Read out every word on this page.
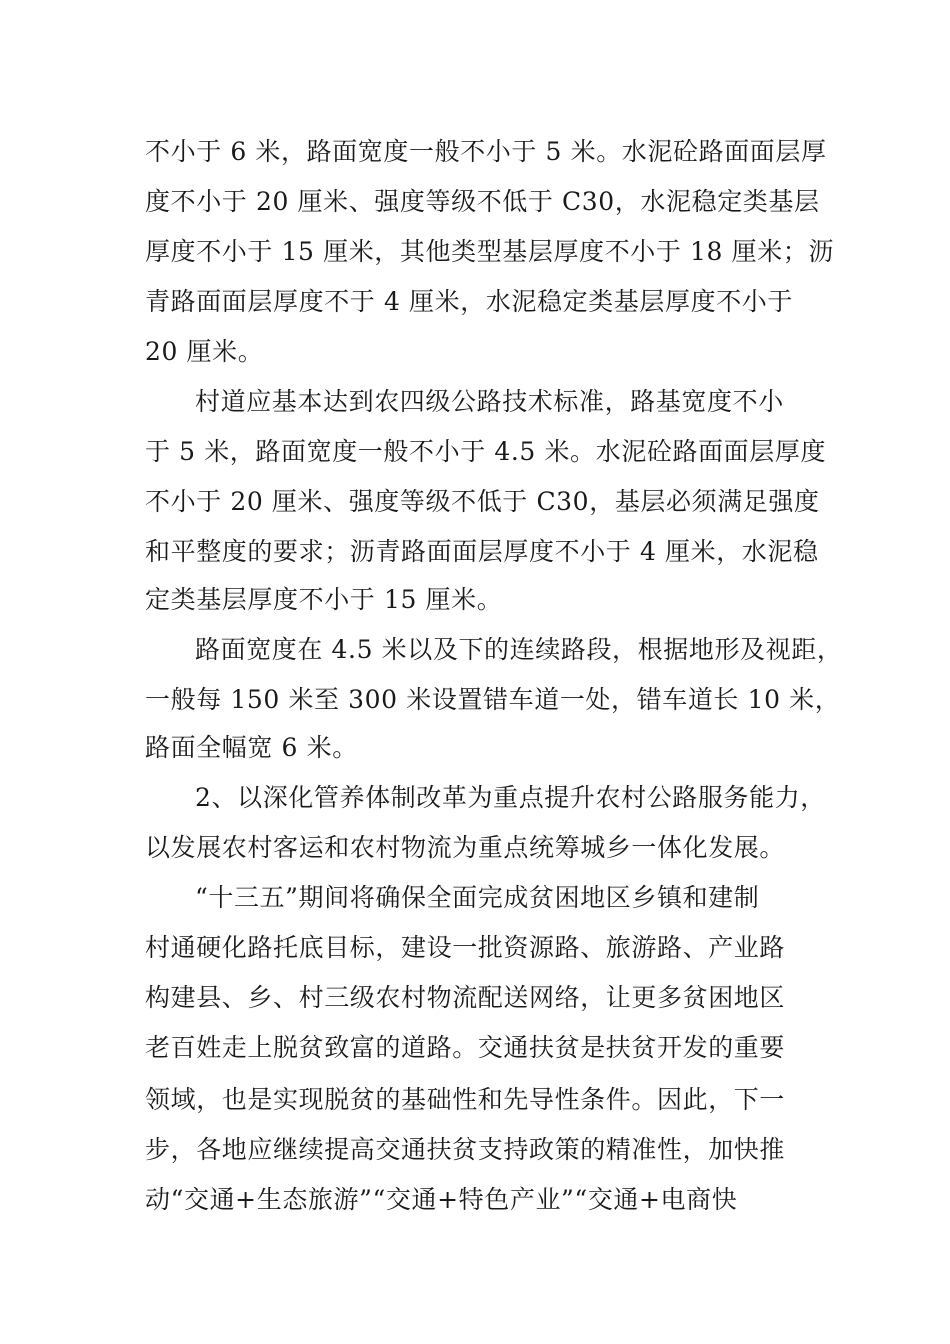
不小于 6 米，路面宽度一般不小于 5 米。水泥砼路面面层厚
度不小于 20 厘米、强度等级不低于 C30，水泥稳定类基层
厚度不小于 15 厘米，其他类型基层厚度不小于 18 厘米；沥
青路面面层厚度不于 4 厘米，水泥稳定类基层厚度不小于
20 厘米。
村道应基本达到农四级公路技术标准，路基宽度不小
于 5 米，路面宽度一般不小于 4.5 米。水泥砼路面面层厚度
不小于 20 厘米、强度等级不低于 C30，基层必须满足强度
和平整度的要求；沥青路面面层厚度不小于 4 厘米，水泥稳
定类基层厚度不小于 15 厘米。
路面宽度在 4.5 米以及下的连续路段，根据地形及视距，
一般每 150 米至 300 米设置错车道一处，错车道长 10 米，
路面全幅宽 6 米。
2、以深化管养体制改革为重点提升农村公路服务能力，
以发展农村客运和农村物流为重点统筹城乡一体化发展。
“十三五”期间将确保全面完成贫困地区乡镇和建制
村通硬化路托底目标，建设一批资源路、旅游路、产业路
构建县、乡、村三级农村物流配送网络，让更多贫困地区
老百姓走上脱贫致富的道路。交通扶贫是扶贫开发的重要
领域，也是实现脱贫的基础性和先导性条件。因此，下一
步，各地应继续提高交通扶贫支持政策的精准性，加快推
动“交通+生态旅游”“交通+特色产业”“交通+电商快
